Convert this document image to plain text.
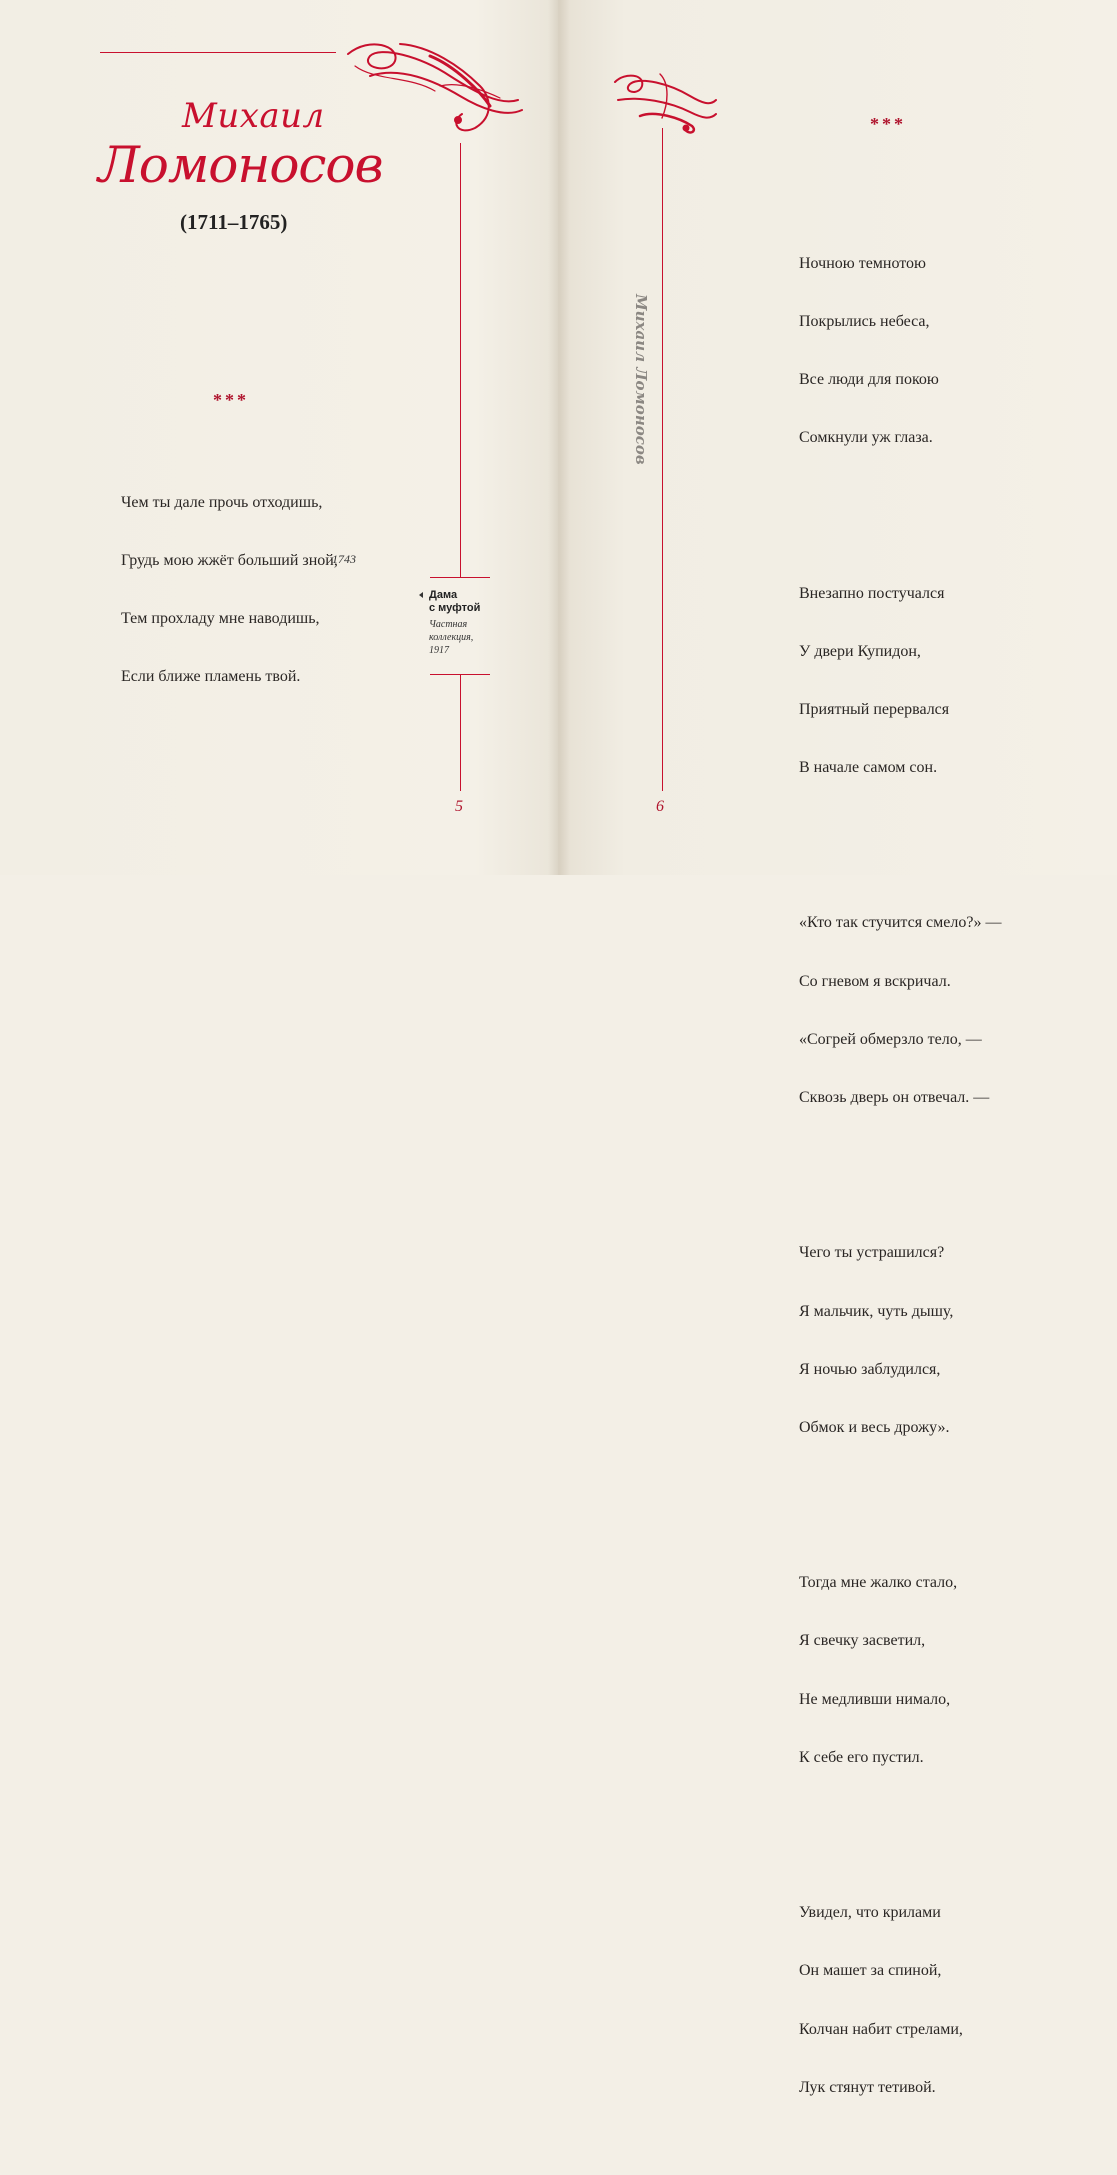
Михаил
Ломоносов
(1711–1765)
***

Чем ты дале прочь отходишь,

Грудь мою жжёт больший зной,

Тем прохладу мне наводишь,

Если ближе пламень твой.

1743
Дама
с муфтой
Частная
коллекция,
1917
5
Михаил Ломоносов
***

Ночною темнотою

Покрылись небеса,

Все люди для покою

Сомкнули уж глаза.

Внезапно постучался

У двери Купидон,

Приятный перервался

В начале самом сон.

«Кто так стучится смело?» —

Со гневом я вскричал.

«Согрей обмерзло тело, —

Сквозь дверь он отвечал. —

Чего ты устрашился?

Я мальчик, чуть дышу,

Я ночью заблудился,

Обмок и весь дрожу».

Тогда мне жалко стало,

Я свечку засветил,

Не медливши нимало,

К себе его пустил.

Увидел, что крилами

Он машет за спиной,

Колчан набит стрелами,

Лук стянут тетивой.

6
